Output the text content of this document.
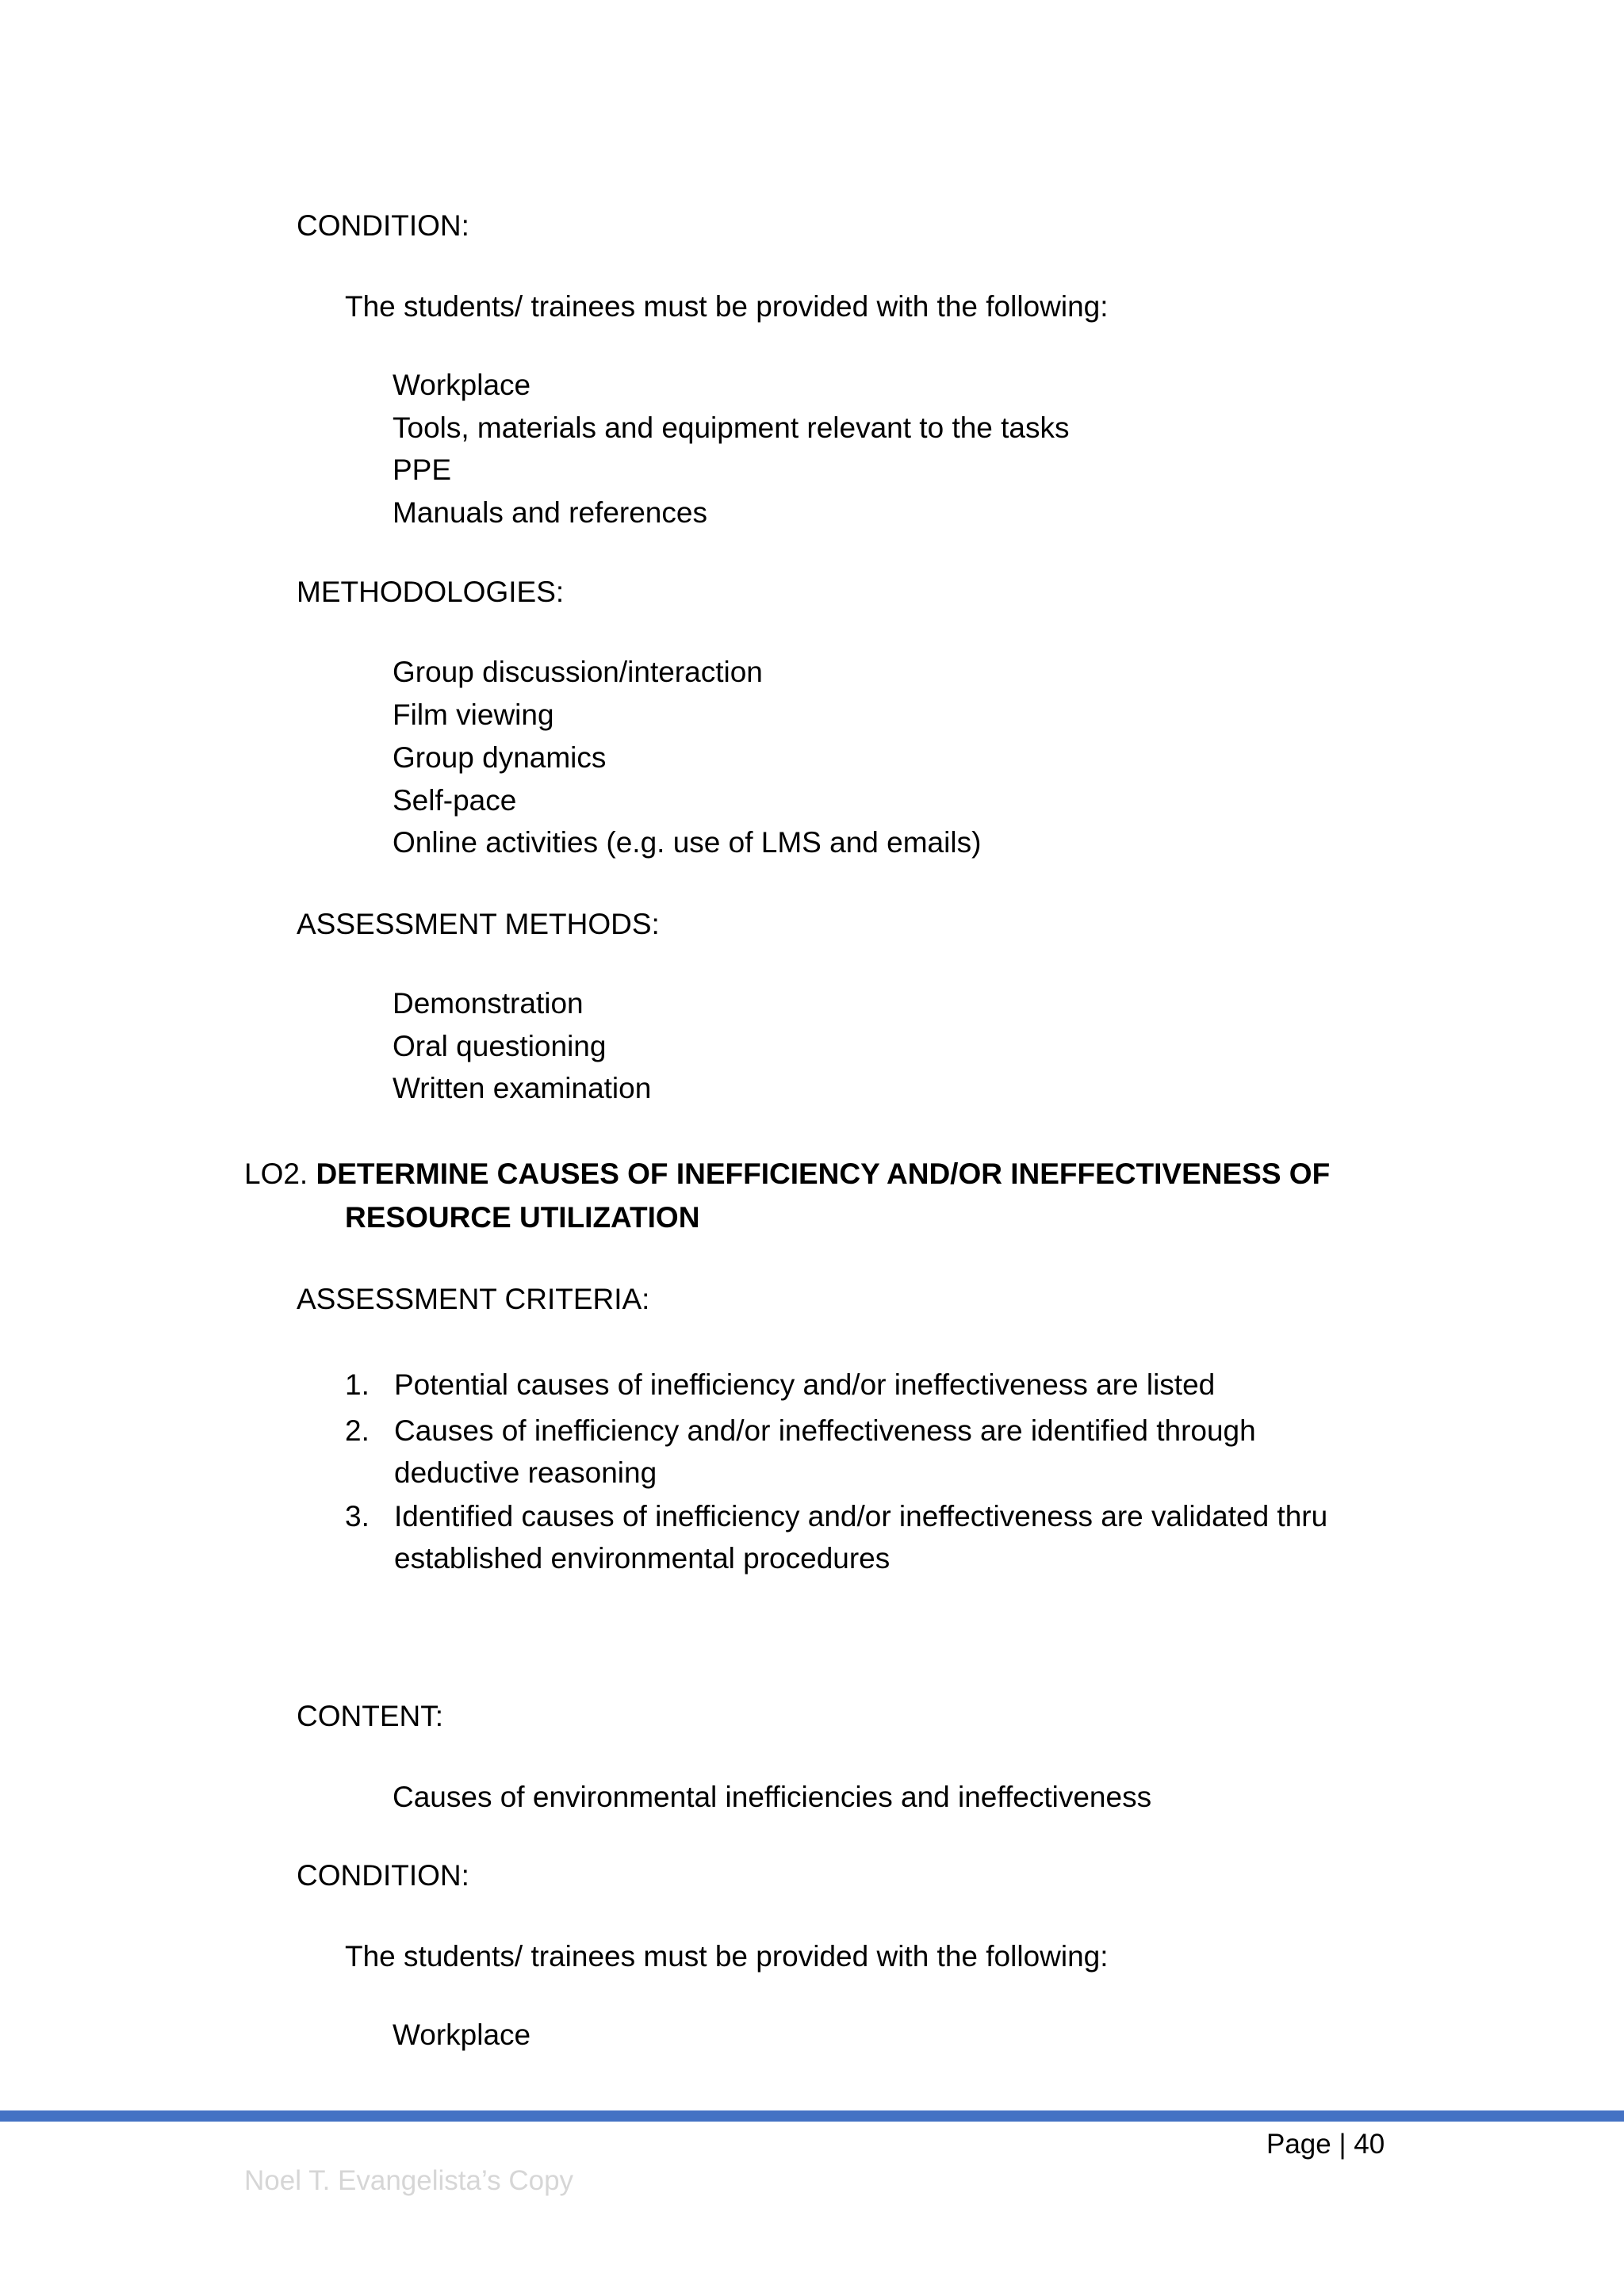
CONDITION:
The students/ trainees must be provided with the following:
Workplace
Tools, materials and equipment relevant to the tasks
PPE
Manuals and references
METHODOLOGIES:
Group discussion/interaction
Film viewing
Group dynamics
Self-pace
Online activities (e.g. use of LMS and emails)
ASSESSMENT METHODS:
Demonstration
Oral questioning
Written examination
LO2. DETERMINE CAUSES OF INEFFICIENCY AND/OR INEFFECTIVENESS OF
RESOURCE UTILIZATION
ASSESSMENT CRITERIA:
1. Potential causes of inefficiency and/or ineffectiveness are listed
2. Causes of inefficiency and/or ineffectiveness are identified through
deductive reasoning
3. Identified causes of inefficiency and/or ineffectiveness are validated thru
established environmental procedures
CONTENT:
Causes of environmental inefficiencies and ineffectiveness
CONDITION:
The students/ trainees must be provided with the following:
Workplace
Page | 40
Noel T. Evangelista’s Copy
